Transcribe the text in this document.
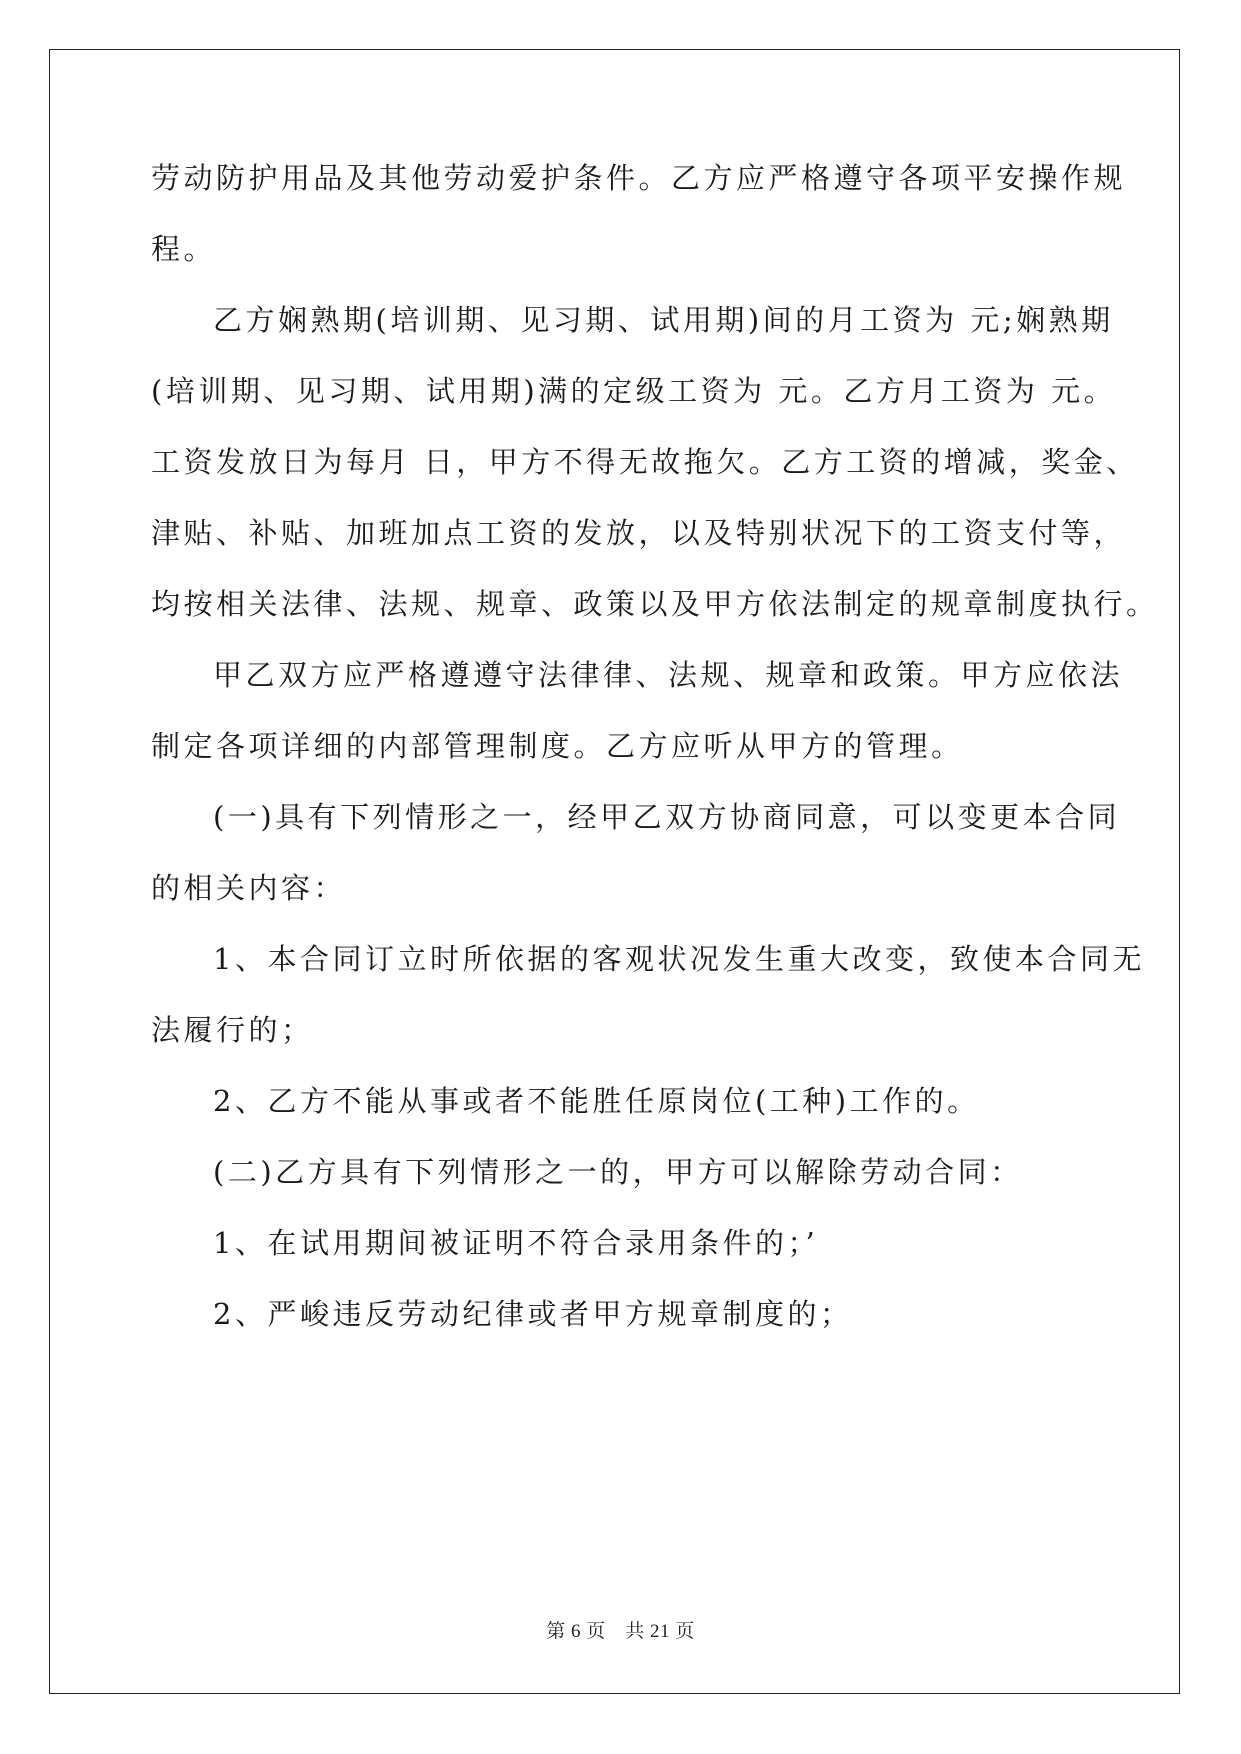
劳动防护用品及其他劳动爱护条件。乙方应严格遵守各项平安操作规
程。
乙方娴熟期(培训期、见习期、试用期)间的月工资为 元;娴熟期
(培训期、见习期、试用期)满的定级工资为 元。乙方月工资为 元。
工资发放日为每月 日，甲方不得无故拖欠。乙方工资的增减，奖金、
津贴、补贴、加班加点工资的发放，以及特别状况下的工资支付等，
均按相关法律、法规、规章、政策以及甲方依法制定的规章制度执行。
甲乙双方应严格遵遵守法律律、法规、规章和政策。甲方应依法
制定各项详细的内部管理制度。乙方应听从甲方的管理。
(一)具有下列情形之一，经甲乙双方协商同意，可以变更本合同
的相关内容：
1、本合同订立时所依据的客观状况发生重大改变，致使本合同无
法履行的；
2、乙方不能从事或者不能胜任原岗位(工种)工作的。
(二)乙方具有下列情形之一的，甲方可以解除劳动合同：
1、在试用期间被证明不符合录用条件的；’
2、严峻违反劳动纪律或者甲方规章制度的；
第 6 页　共 21 页
